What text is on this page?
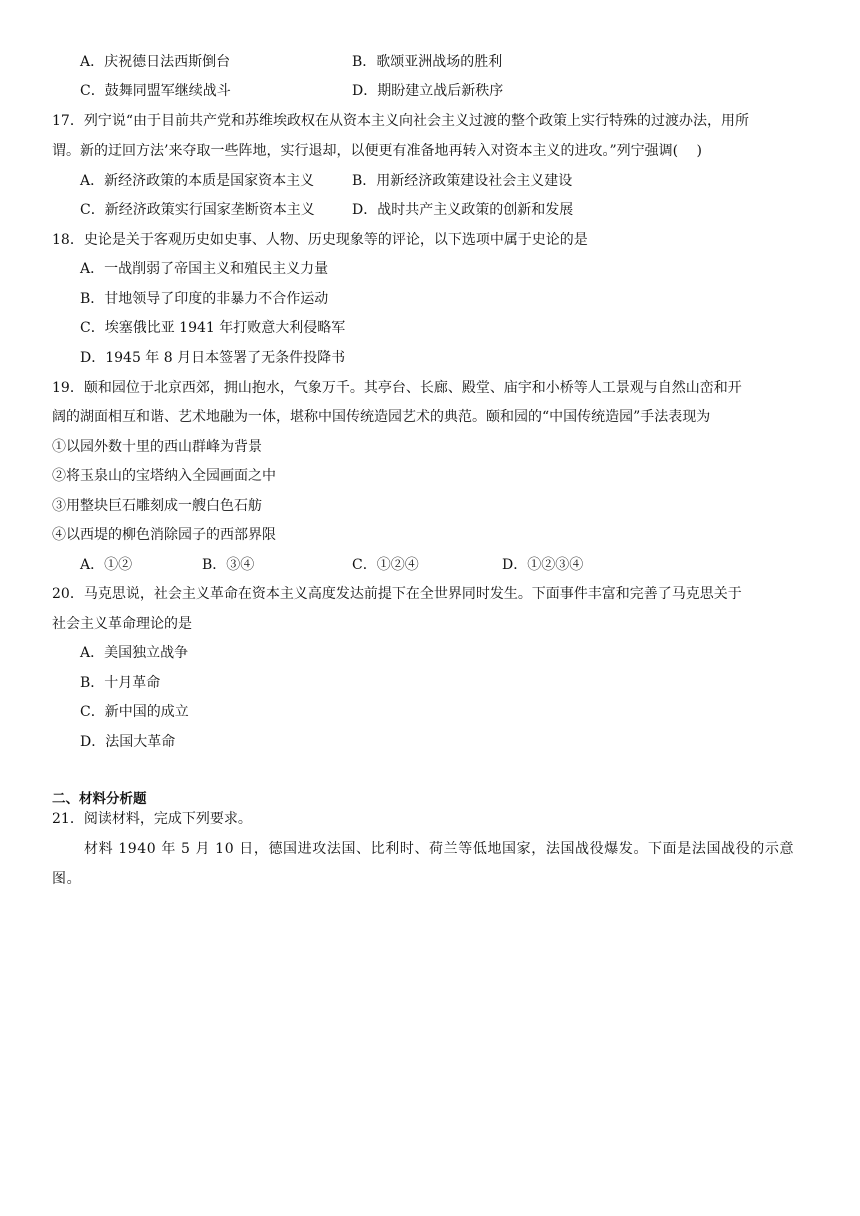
A．庆祝德日法西斯倒台	B．歌颂亚洲战场的胜利
C．鼓舞同盟军继续战斗	D．期盼建立战后新秩序
17．列宁说“由于目前共产党和苏维埃政权在从资本主义向社会主义过渡的整个政策上实行特殊的过渡办法，用所
谓。新的迂回方法’来夺取一些阵地，实行退却，以便更有准备地再转入对资本主义的进攻。”列宁强调(　 )
A．新经济政策的本质是国家资本主义	B．用新经济政策建设社会主义建设
C．新经济政策实行国家垄断资本主义	D．战时共产主义政策的创新和发展
18．史论是关于客观历史如史事、人物、历史现象等的评论，以下选项中属于史论的是
A．一战削弱了帝国主义和殖民主义力量
B．甘地领导了印度的非暴力不合作运动
C．埃塞俄比亚 1941 年打败意大利侵略军
D．1945 年 8 月日本签署了无条件投降书
19．颐和园位于北京西郊，拥山抱水，气象万千。其亭台、长廊、殿堂、庙宇和小桥等人工景观与自然山峦和开
阔的湖面相互和谐、艺术地融为一体，堪称中国传统造园艺术的典范。颐和园的“中国传统造园”手法表现为
①以园外数十里的西山群峰为背景
②将玉泉山的宝塔纳入全园画面之中
③用整块巨石雕刻成一艘白色石舫
④以西堤的柳色消除园子的西部界限
A．①②	B．③④	C．①②④	D．①②③④
20．马克思说，社会主义革命在资本主义高度发达前提下在全世界同时发生。下面事件丰富和完善了马克思关于
社会主义革命理论的是
A．美国独立战争
B．十月革命
C．新中国的成立
D．法国大革命
二、材料分析题
21．阅读材料，完成下列要求。
材料 1940 年 5 月 10 日，德国进攻法国、比利时、荷兰等低地国家，法国战役爆发。下面是法国战役的示意
图。
